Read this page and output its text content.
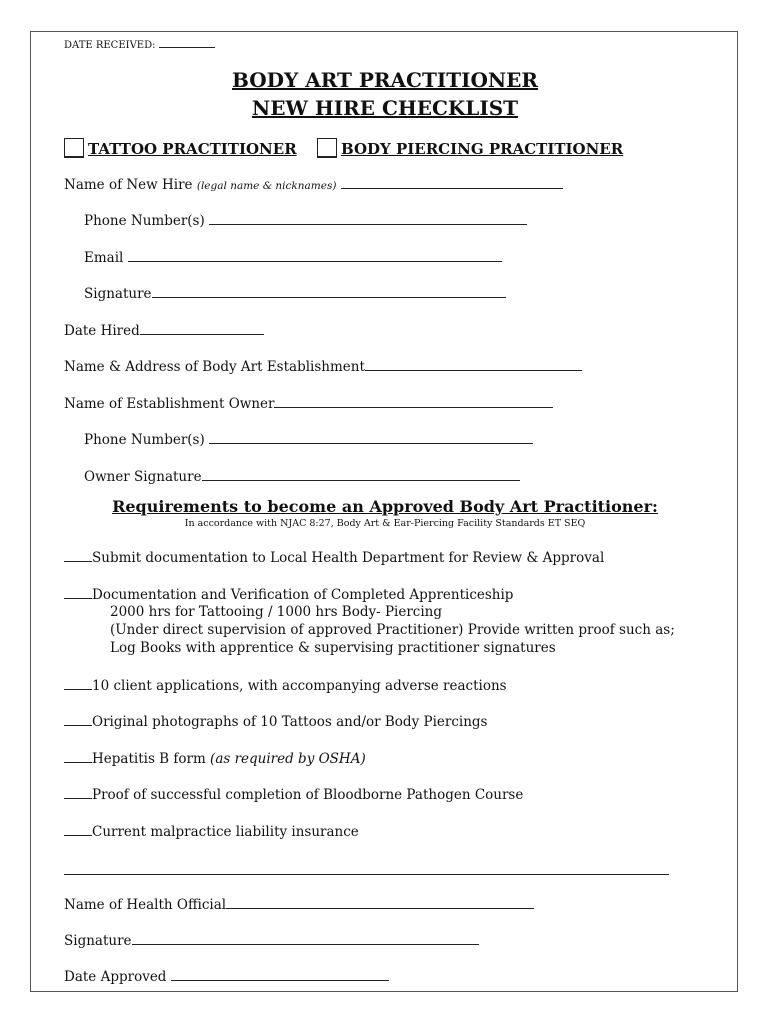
DATE RECEIVED:
BODY ART PRACTITIONER
NEW HIRE CHECKLIST
TATTOO PRACTITIONER	BODY PIERCING PRACTITIONER
Name of New Hire (legal name & nicknames)
Phone Number(s)
Email
Signature
Date Hired
Name & Address of Body Art Establishment
Name of Establishment Owner
Phone Number(s)
Owner Signature
Requirements to become an Approved Body Art Practitioner:
In accordance with NJAC 8:27, Body Art & Ear-Piercing Facility Standards ET SEQ
Submit documentation to Local Health Department for Review & Approval
Documentation and Verification of Completed Apprenticeship
2000 hrs for Tattooing / 1000 hrs Body- Piercing
(Under direct supervision of approved Practitioner) Provide written proof such as;
Log Books with apprentice & supervising practitioner signatures
10 client applications, with accompanying adverse reactions
Original photographs of 10 Tattoos and/or Body Piercings
Hepatitis B form (as required by OSHA)
Proof of successful completion of Bloodborne Pathogen Course
Current malpractice liability insurance
Name of Health Official
Signature
Date Approved
